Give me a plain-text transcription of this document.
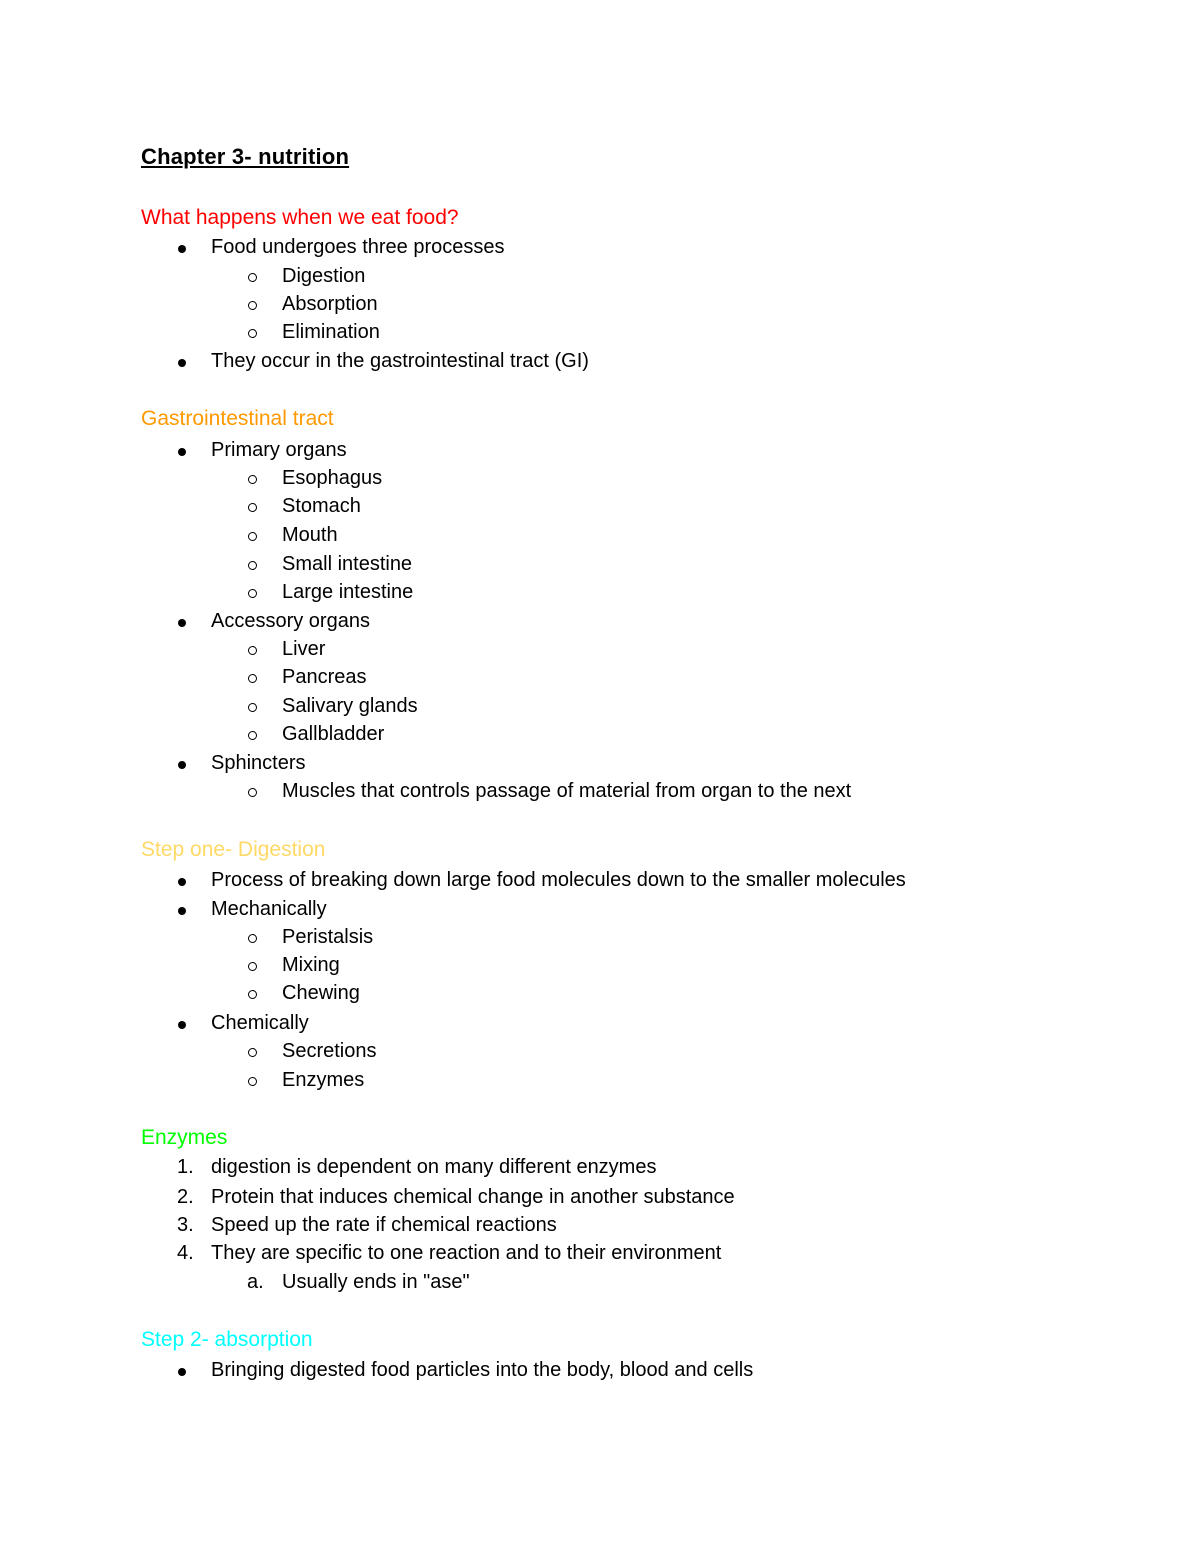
Chapter 3- nutrition
What happens when we eat food?
Food undergoes three processes
Digestion
Absorption
Elimination
They occur in the gastrointestinal tract (GI)
Gastrointestinal tract
Primary organs
Esophagus
Stomach
Mouth
Small intestine
Large intestine
Accessory organs
Liver
Pancreas
Salivary glands
Gallbladder
Sphincters
Muscles that controls passage of material from organ to the next
Step one- Digestion
Process of breaking down large food molecules down to the smaller molecules
Mechanically
Peristalsis
Mixing
Chewing
Chemically
Secretions
Enzymes
Enzymes
1. digestion is dependent on many different enzymes
2. Protein that induces chemical change in another substance
3. Speed up the rate if chemical reactions
4. They are specific to one reaction and to their environment
a. Usually ends in "ase"
Step 2- absorption
Bringing digested food particles into the body, blood and cells
